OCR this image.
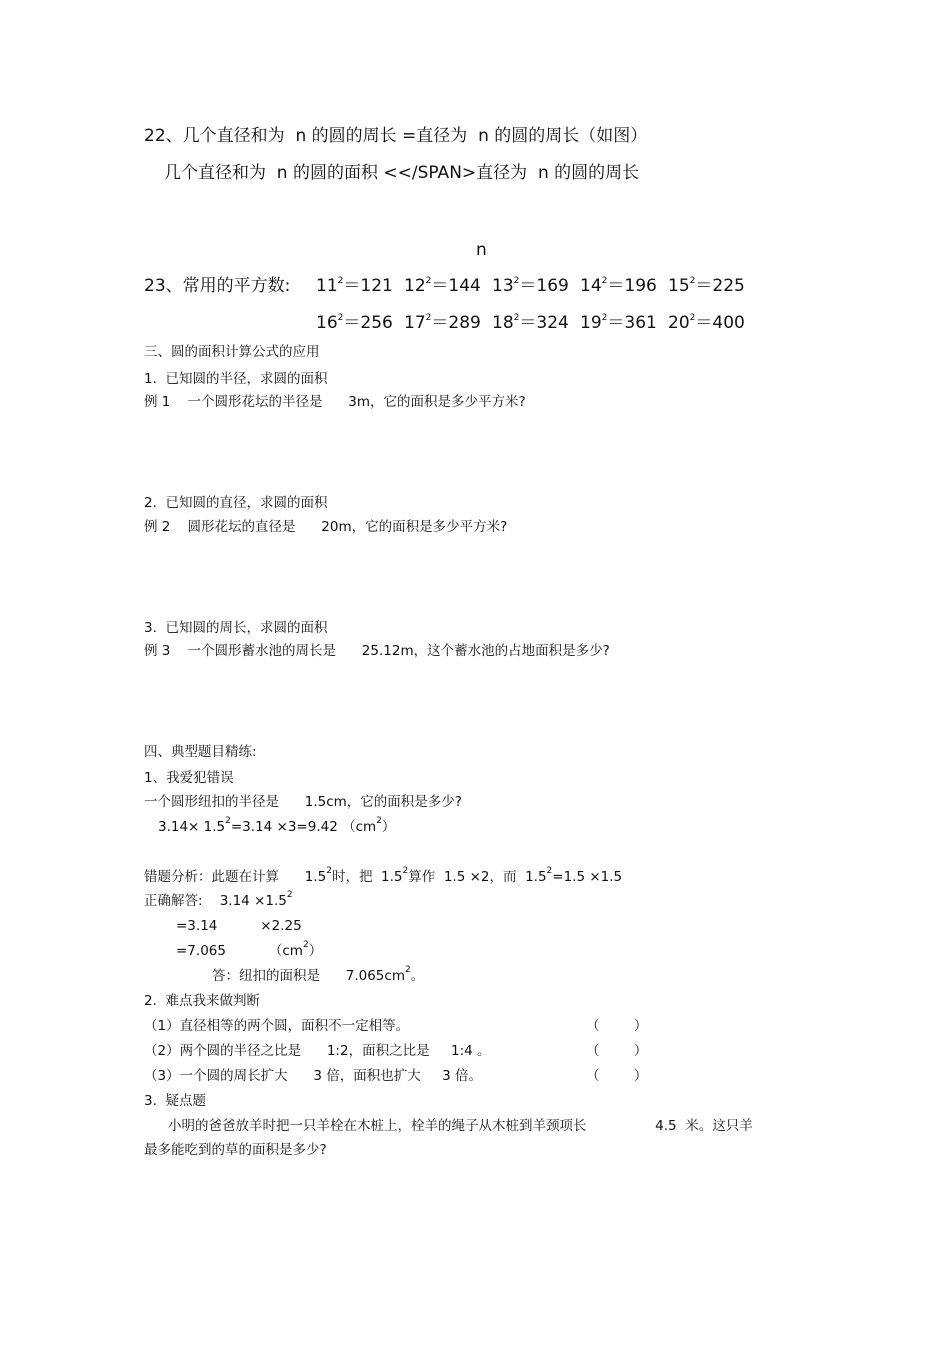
22、几个直径和为  n 的圆的周长 =直径为  n 的圆的周长（如图）
几个直径和为  n 的圆的面积 <</SPAN>直径为  n 的圆的周长
n
23、常用的平方数: $11^2=121$ $12^2=144$ $13^2=169$ $14^2=196$ $15^2=225$
$16^2=256$ $17^2=289$ $18^2=324$ $19^2=361$ $20^2=400$
三、圆的面积计算公式的应用
1.  已知圆的半径，求圆的面积
例 1    一个圆形花坛的半径是      3m，它的面积是多少平方米?
2.  已知圆的直径，求圆的面积
例 2    圆形花坛的直径是      20m，它的面积是多少平方米?
3.  已知圆的周长，求圆的面积
例 3    一个圆形蓄水池的周长是      25.12m，这个蓄水池的占地面积是多少?
四、典型题目精练:
1、我爱犯错误
一个圆形纽扣的半径是      1.5cm，它的面积是多少?
$3.14\times 1.5^2=3.14 \times 3=9.42$ $(cm^2)$
错题分析：此题在计算      $1.5^2$时，把  $1.5^2$算作  1.5 ×2，而  $1.5^2=1.5 \times 1.5$
正确解答:    $3.14 \times 1.5^2$
=3.14          ×2.25
=7.065          $(cm^2)$
答：纽扣的面积是      $7.065cm^2$。
2.  难点我来做判断
（1）直径相等的两个圆，面积不一定相等。	（        ）
（2）两个圆的半径之比是      1:2，面积之比是     1:4 。	（        ）
（3）一个圆的周长扩大      3 倍，面积也扩大     3 倍。	（        ）
3.  疑点题
小明的爸爸放羊时把一只羊栓在木桩上，栓羊的绳子从木桩到羊颈项长                4.5  米。这只羊
最多能吃到的草的面积是多少?
